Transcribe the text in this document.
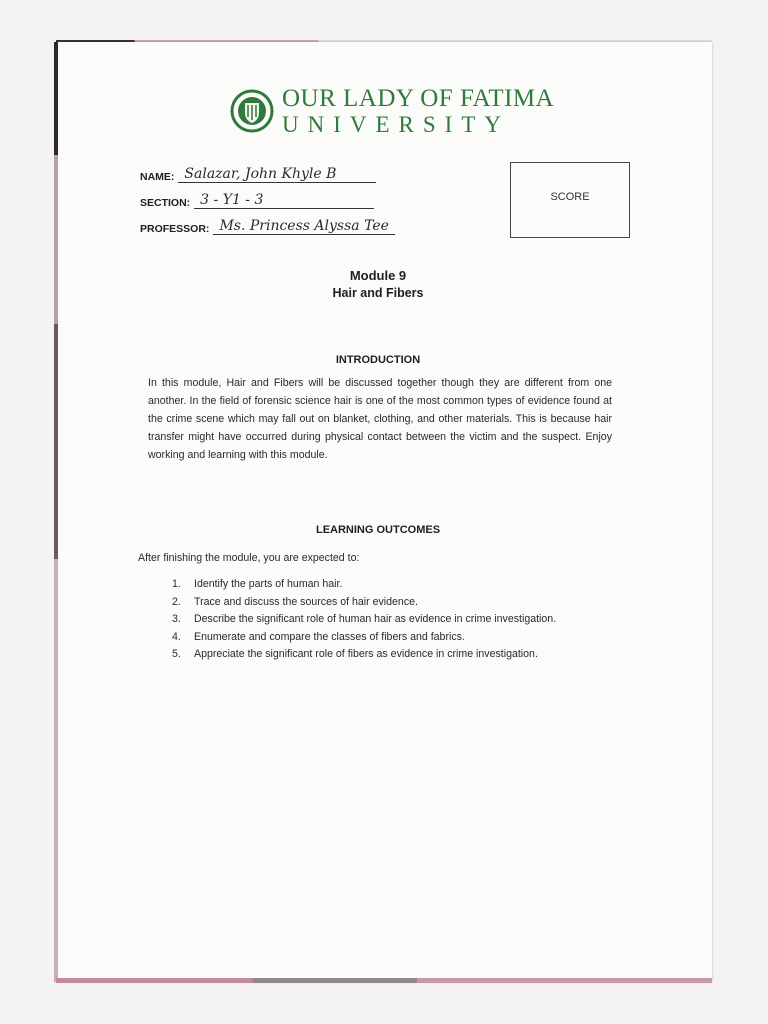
OUR LADY OF FATIMA
UNIVERSITY
NAME: Salazar, John Khyle B
SECTION: 3 - Y1 - 3
PROFESSOR: Ms. Princess Alyssa Tee
SCORE
Module 9
Hair and Fibers
INTRODUCTION
In this module, Hair and Fibers will be discussed together though they are different from one another. In the field of forensic science hair is one of the most common types of evidence found at the crime scene which may fall out on blanket, clothing, and other materials. This is because hair transfer might have occurred during physical contact between the victim and the suspect. Enjoy working and learning with this module.
LEARNING OUTCOMES
After finishing the module, you are expected to:
1.	Identify the parts of human hair.
2.	Trace and discuss the sources of hair evidence.
3.	Describe the significant role of human hair as evidence in crime investigation.
4.	Enumerate and compare the classes of fibers and fabrics.
5.	Appreciate the significant role of fibers as evidence in crime investigation.
